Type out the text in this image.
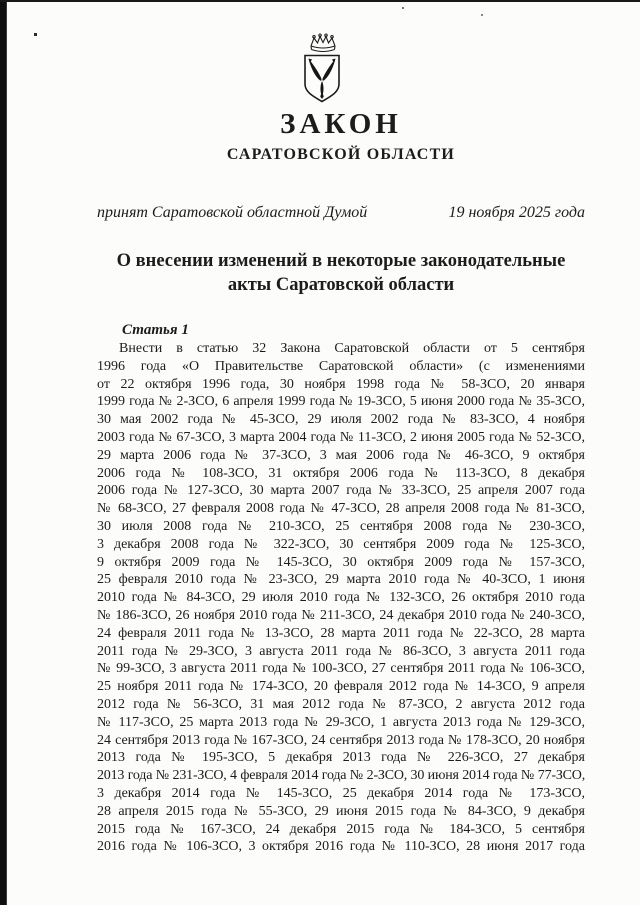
ЗАКОН
САРАТОВСКОЙ ОБЛАСТИ
принят Саратовской областной Думой	19 ноября 2025 года
О внесении изменений в некоторые законодательные
акты Саратовской области
Статья 1
Внести в статью 32 Закона Саратовской области от 5 сентября
1996 года «О Правительстве Саратовской области» (с изменениями
от 22 октября 1996 года, 30 ноября 1998 года № 58-ЗСО, 20 января
1999 года № 2-ЗСО, 6 апреля 1999 года № 19-ЗСО, 5 июня 2000 года № 35-ЗСО,
30 мая 2002 года № 45-ЗСО, 29 июля 2002 года № 83-ЗСО, 4 ноября
2003 года № 67-ЗСО, 3 марта 2004 года № 11-ЗСО, 2 июня 2005 года № 52-ЗСО,
29 марта 2006 года № 37-ЗСО, 3 мая 2006 года № 46-ЗСО, 9 октября
2006 года № 108-ЗСО, 31 октября 2006 года № 113-ЗСО, 8 декабря
2006 года № 127-ЗСО, 30 марта 2007 года № 33-ЗСО, 25 апреля 2007 года
№ 68-ЗСО, 27 февраля 2008 года № 47-ЗСО, 28 апреля 2008 года № 81-ЗСО,
30 июля 2008 года № 210-ЗСО, 25 сентября 2008 года № 230-ЗСО,
3 декабря 2008 года № 322-ЗСО, 30 сентября 2009 года № 125-ЗСО,
9 октября 2009 года № 145-ЗСО, 30 октября 2009 года № 157-ЗСО,
25 февраля 2010 года № 23-ЗСО, 29 марта 2010 года № 40-ЗСО, 1 июня
2010 года № 84-ЗСО, 29 июля 2010 года № 132-ЗСО, 26 октября 2010 года
№ 186-ЗСО, 26 ноября 2010 года № 211-ЗСО, 24 декабря 2010 года № 240-ЗСО,
24 февраля 2011 года № 13-ЗСО, 28 марта 2011 года № 22-ЗСО, 28 марта
2011 года № 29-ЗСО, 3 августа 2011 года № 86-ЗСО, 3 августа 2011 года
№ 99-ЗСО, 3 августа 2011 года № 100-ЗСО, 27 сентября 2011 года № 106-ЗСО,
25 ноября 2011 года № 174-ЗСО, 20 февраля 2012 года № 14-ЗСО, 9 апреля
2012 года № 56-ЗСО, 31 мая 2012 года № 87-ЗСО, 2 августа 2012 года
№ 117-ЗСО, 25 марта 2013 года № 29-ЗСО, 1 августа 2013 года № 129-ЗСО,
24 сентября 2013 года № 167-ЗСО, 24 сентября 2013 года № 178-ЗСО, 20 ноября
2013 года № 195-ЗСО, 5 декабря 2013 года № 226-ЗСО, 27 декабря
2013 года № 231-ЗСО, 4 февраля 2014 года № 2-ЗСО, 30 июня 2014 года № 77-ЗСО,
3 декабря 2014 года № 145-ЗСО, 25 декабря 2014 года № 173-ЗСО,
28 апреля 2015 года № 55-ЗСО, 29 июня 2015 года № 84-ЗСО, 9 декабря
2015 года № 167-ЗСО, 24 декабря 2015 года № 184-ЗСО, 5 сентября
2016 года № 106-ЗСО, 3 октября 2016 года № 110-ЗСО, 28 июня 2017 года
